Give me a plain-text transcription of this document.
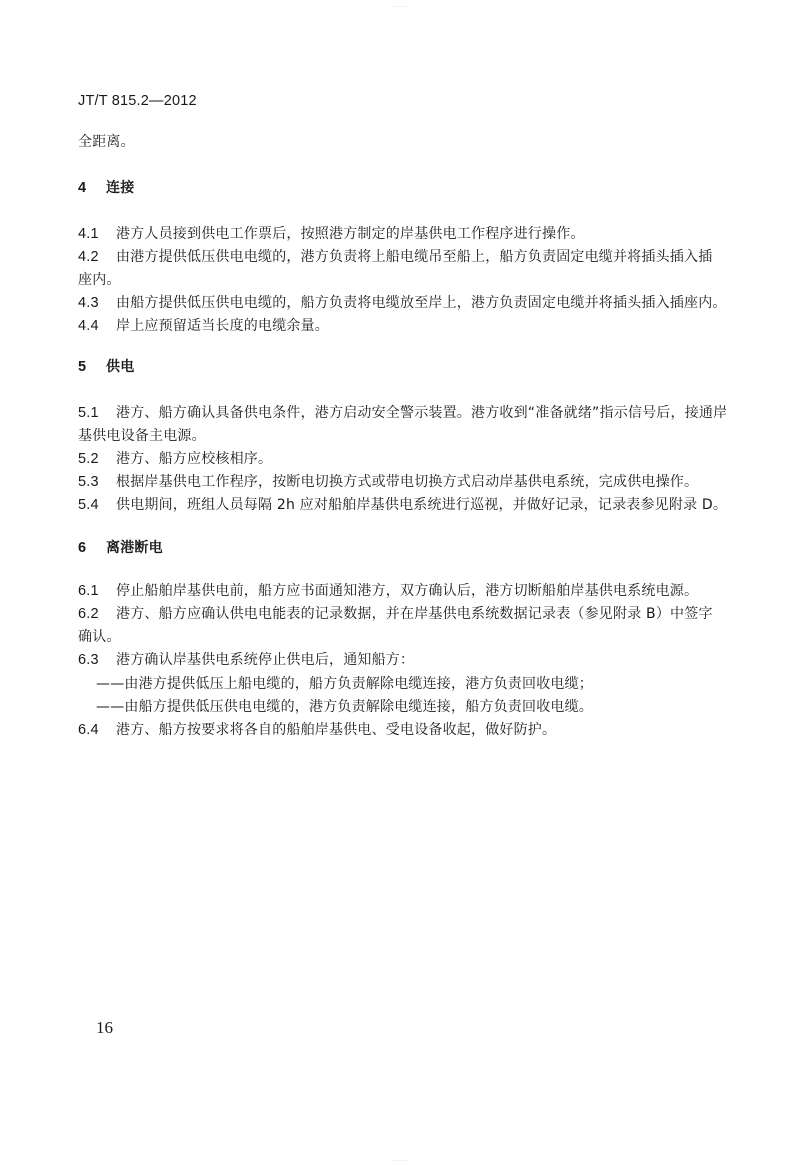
· · · · · · · · ·
JT/T 815.2—2012
全距离。
4 连接
4.1 港方人员接到供电工作票后，按照港方制定的岸基供电工作程序进行操作。
4.2 由港方提供低压供电电缆的，港方负责将上船电缆吊至船上，船方负责固定电缆并将插头插入插
座内。
4.3 由船方提供低压供电电缆的，船方负责将电缆放至岸上，港方负责固定电缆并将插头插入插座内。
4.4 岸上应预留适当长度的电缆余量。
5 供电
5.1 港方、船方确认具备供电条件，港方启动安全警示装置。港方收到“准备就绪”指示信号后，接通岸
基供电设备主电源。
5.2 港方、船方应校核相序。
5.3 根据岸基供电工作程序，按断电切换方式或带电切换方式启动岸基供电系统，完成供电操作。
5.4 供电期间，班组人员每隔 2h 应对船舶岸基供电系统进行巡视，并做好记录，记录表参见附录 D。
6 离港断电
6.1 停止船舶岸基供电前，船方应书面通知港方，双方确认后，港方切断船舶岸基供电系统电源。
6.2 港方、船方应确认供电电能表的记录数据，并在岸基供电系统数据记录表（参见附录 B）中签字
确认。
6.3 港方确认岸基供电系统停止供电后，通知船方：
——由港方提供低压上船电缆的，船方负责解除电缆连接，港方负责回收电缆；
——由船方提供低压供电电缆的，港方负责解除电缆连接，船方负责回收电缆。
6.4 港方、船方按要求将各自的船舶岸基供电、受电设备收起，做好防护。
16
· · · · · · · · ·
